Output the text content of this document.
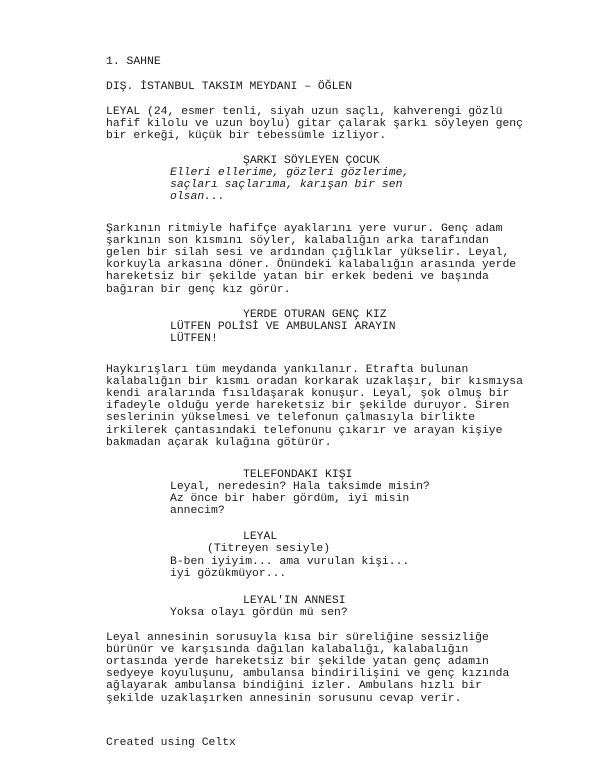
1. SAHNE
DIŞ. İSTANBUL TAKSIM MEYDANI – ÖĞLEN
LEYAL (24, esmer tenli, siyah uzun saçlı, kahverengi gözlü
hafif kilolu ve uzun boylu) gitar çalarak şarkı söyleyen genç
bir erkeği, küçük bir tebessümle izliyor.
ŞARKI SÖYLEYEN ÇOCUK
Elleri ellerime, gözleri gözlerime,
saçları saçlarıma, karışan bir sen
olsan...
Şarkının ritmiyle hafifçe ayaklarını yere vurur. Genç adam
şarkının son kısmını söyler, kalabalığın arka tarafından
gelen bir silah sesi ve ardından çığlıklar yükselir. Leyal,
korkuyla arkasına döner. Önündeki kalabalığın arasında yerde
hareketsiz bir şekilde yatan bir erkek bedeni ve başında
bağıran bir genç kız görür.
YERDE OTURAN GENÇ KIZ
LÜTFEN POLİSİ VE AMBULANSI ARAYIN
LÜTFEN!
Haykırışları tüm meydanda yankılanır. Etrafta bulunan
kalabalığın bir kısmı oradan korkarak uzaklaşır, bir kısmıysa
kendi aralarında fısıldaşarak konuşur. Leyal, şok olmuş bir
ifadeyle olduğu yerde hareketsiz bir şekilde duruyor. Siren
seslerinin yükselmesi ve telefonun çalmasıyla birlikte
irkilerek çantasındaki telefonunu çıkarır ve arayan kişiye
bakmadan açarak kulağına götürür.
TELEFONDAKI KIŞI
Leyal, neredesin? Hala taksimde misin?
Az önce bir haber gördüm, iyi misin
annecim?
LEYAL
(Titreyen sesiyle)
B-ben iyiyim... ama vurulan kişi...
iyi gözükmüyor...
LEYAL'IN ANNESI
Yoksa olayı gördün mü sen?
Leyal annesinin sorusuyla kısa bir süreliğine sessizliğe
bürünür ve karşısında dağılan kalabalığı, kalabalığın
ortasında yerde hareketsiz bir şekilde yatan genç adamın
sedyeye koyuluşunu, ambulansa bindirilişini ve genç kızında
ağlayarak ambulansa bindiğini izler. Ambulans hızlı bir
şekilde uzaklaşırken annesinin sorusunu cevap verir.
Created using Celtx
